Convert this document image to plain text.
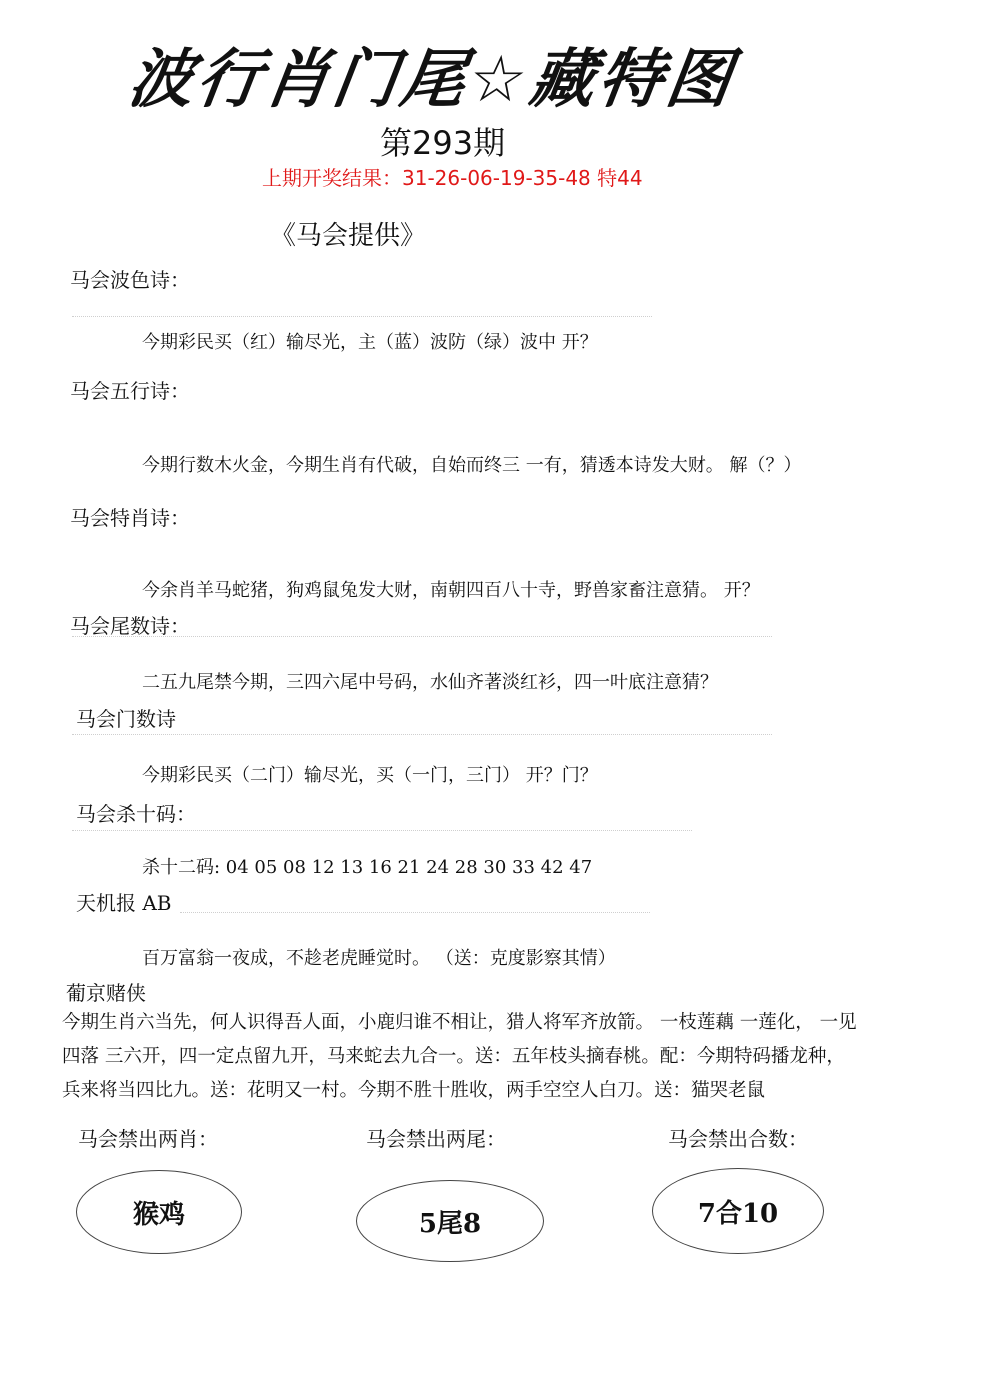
波行肖门尾☆藏特图
第293期
上期开奖结果：31-26-06-19-35-48 特44
《马会提供》
马会波色诗：
今期彩民买（红）输尽光，主（蓝）波防（绿）波中 开？
马会五行诗：
今期行数木火金，今期生肖有代破，自始而终三 一有，猜透本诗发大财。 解（？）
马会特肖诗：
今余肖羊马蛇猪，狗鸡鼠兔发大财，南朝四百八十寺，野兽家畜注意猜。 开？
马会尾数诗：
二五九尾禁今期，三四六尾中号码，水仙齐著淡红衫，四一叶底注意猜？
马会门数诗
今期彩民买（二门）输尽光，买（一门，三门） 开？门？
马会杀十码：
杀十二码: 04 05 08 12 13 16 21 24 28 30 33 42 47
天机报 AB
百万富翁一夜成，不趁老虎睡觉时。 （送：克度影察其情）
葡京赌侠
今期生肖六当先，何人识得吾人面，小鹿归谁不相让，猎人将军齐放箭。 一枝莲藕 一莲化， 一见
四落 三六开，四一定点留九开，马来蛇去九合一。送：五年枝头摘春桃。配：今期特码播龙种，
兵来将当四比九。送：花明又一村。今期不胜十胜收，两手空空人白刀。送：猫哭老鼠
马会禁出两肖：	马会禁出两尾：	马会禁出合数：
猴鸡	5尾8	7合10
